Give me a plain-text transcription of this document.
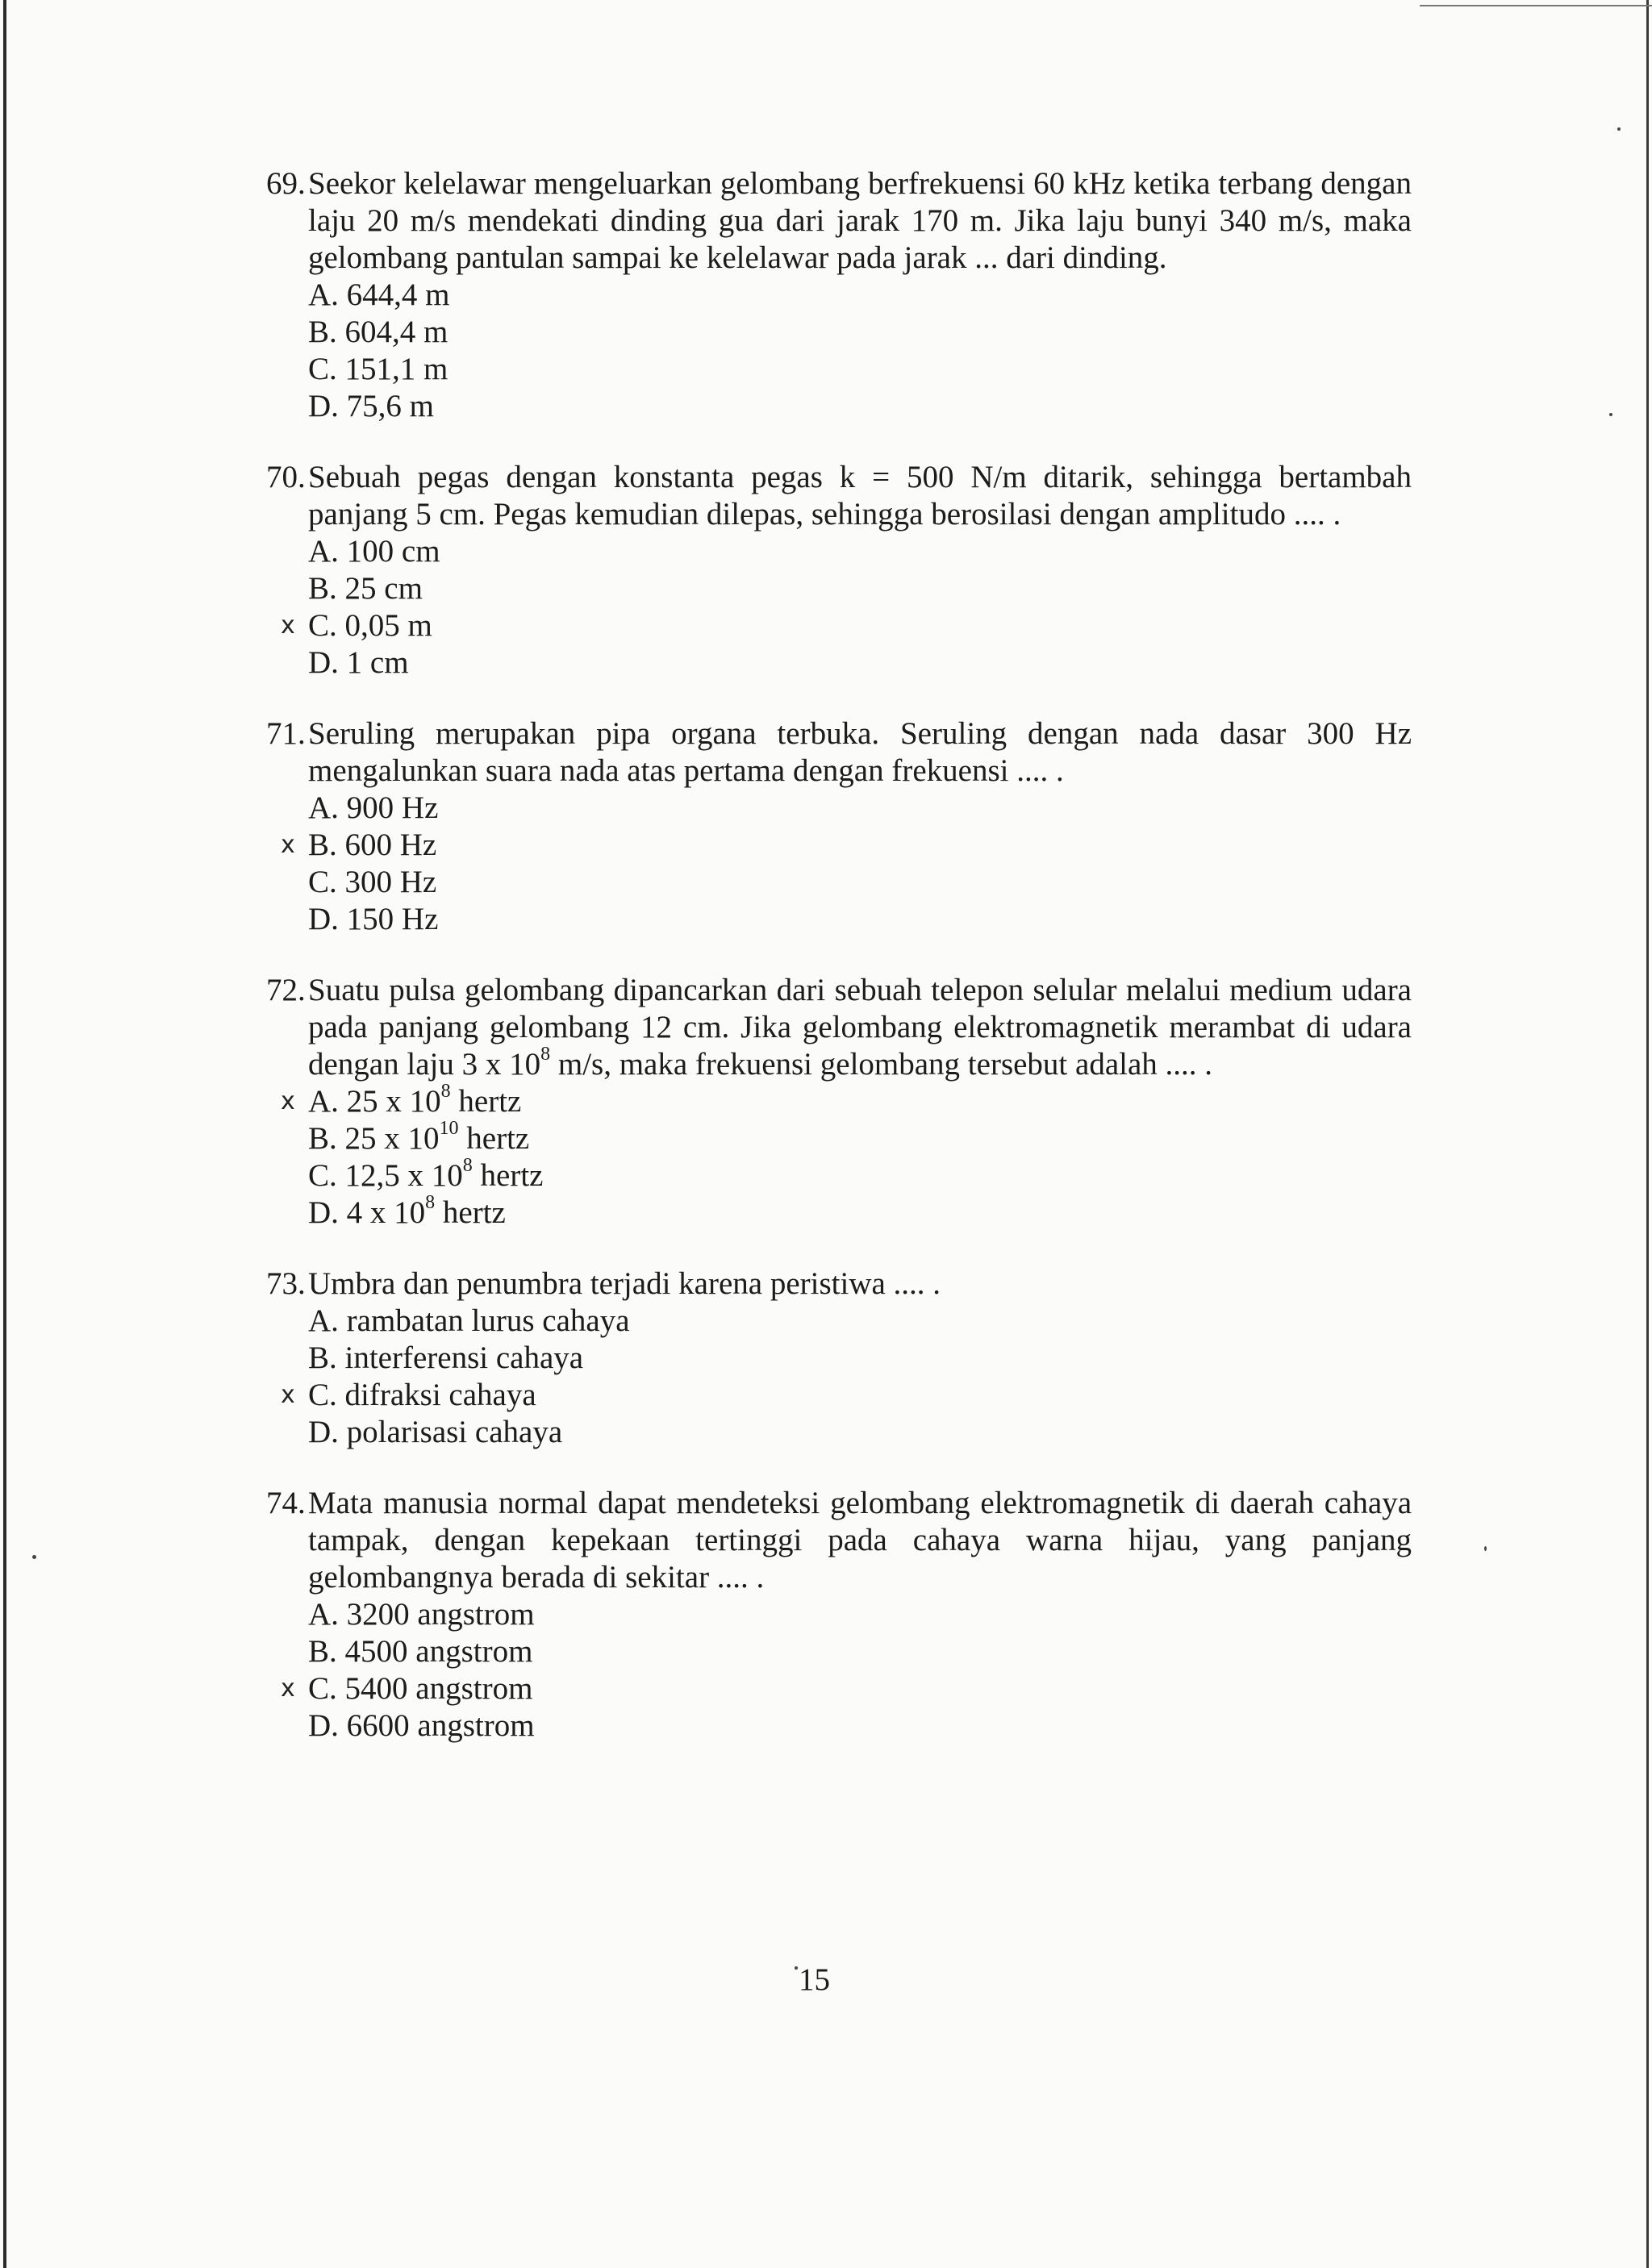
69. Seekor kelelawar mengeluarkan gelombang berfrekuensi 60 kHz ketika terbang dengan laju 20 m/s mendekati dinding gua dari jarak 170 m. Jika laju bunyi 340 m/s, maka gelombang pantulan sampai ke kelelawar pada jarak ... dari dinding.
A. 644,4 m
B. 604,4 m
C. 151,1 m
D. 75,6 m
70. Sebuah pegas dengan konstanta pegas k = 500 N/m ditarik, sehingga bertambah panjang 5 cm. Pegas kemudian dilepas, sehingga berosilasi dengan amplitudo .... .
A. 100 cm
B. 25 cm
x C. 0,05 m
D. 1 cm
71. Seruling merupakan pipa organa terbuka. Seruling dengan nada dasar 300 Hz mengalunkan suara nada atas pertama dengan frekuensi .... .
A. 900 Hz
x B. 600 Hz
C. 300 Hz
D. 150 Hz
72. Suatu pulsa gelombang dipancarkan dari sebuah telepon selular melalui medium udara pada panjang gelombang 12 cm. Jika gelombang elektromagnetik merambat di udara dengan laju 3 x $10^8$ m/s, maka frekuensi gelombang tersebut adalah .... .
x A. 25 x $10^8$ hertz
B. 25 x $10^{10}$ hertz
C. 12,5 x $10^8$ hertz
D. 4 x $10^8$ hertz
73. Umbra dan penumbra terjadi karena peristiwa .... .
A. rambatan lurus cahaya
B. interferensi cahaya
x C. difraksi cahaya
D. polarisasi cahaya
74. Mata manusia normal dapat mendeteksi gelombang elektromagnetik di daerah cahaya tampak, dengan kepekaan tertinggi pada cahaya warna hijau, yang panjang gelombangnya berada di sekitar .... .
A. 3200 angstrom
B. 4500 angstrom
x C. 5400 angstrom
D. 6600 angstrom
15
